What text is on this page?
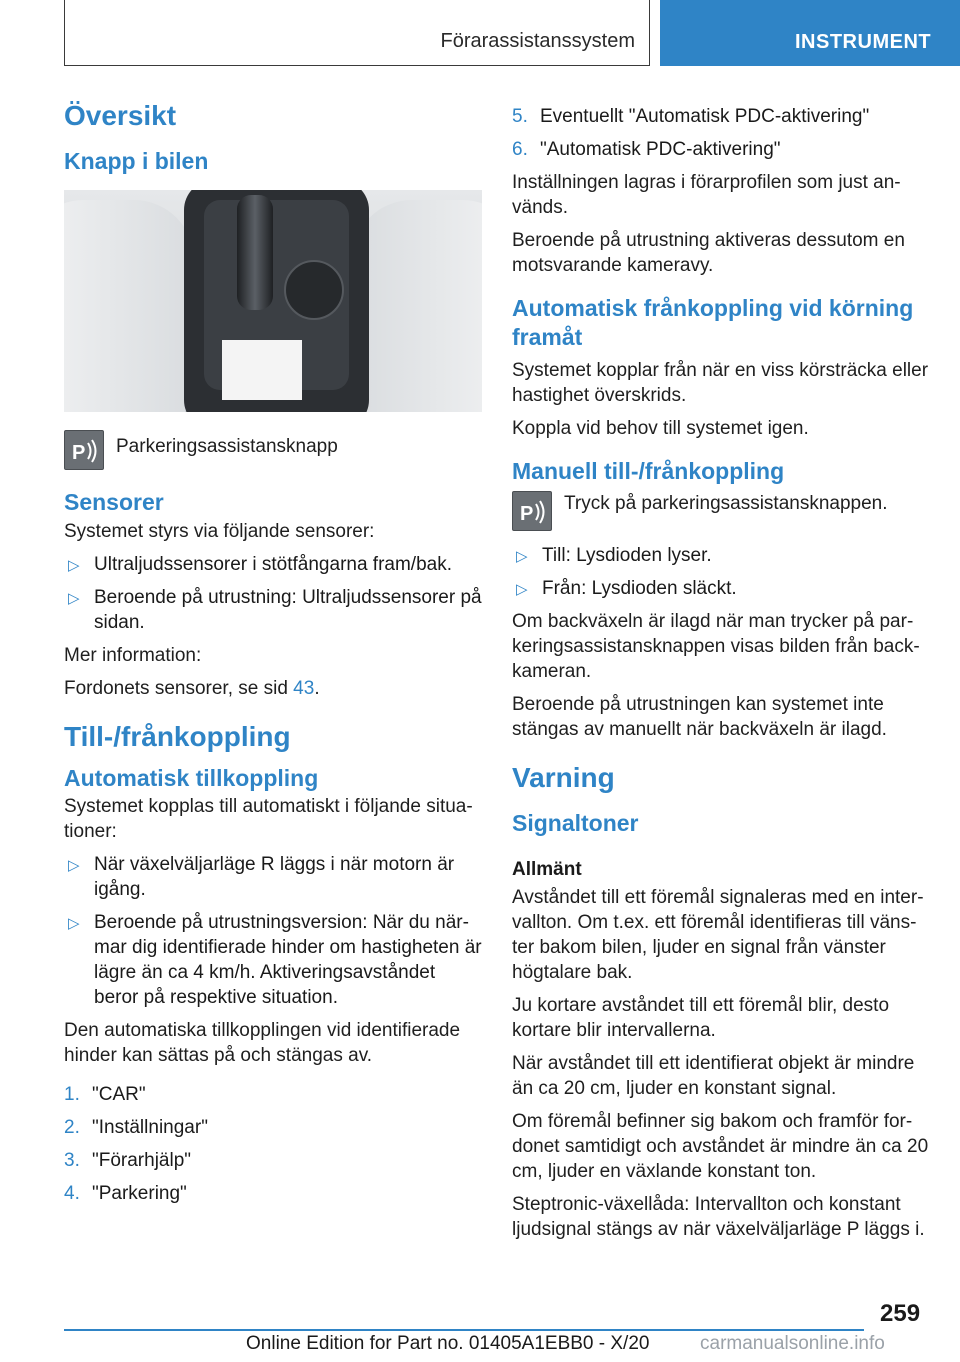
Förarassistanssystem	INSTRUMENT
Översikt
Knapp i bilen
P Parkeringsassistansknapp

Sensorer

Systemet styrs via följande sensorer:

▷ Ultraljudssensorer i stötfångarna fram/bak.
▷ Beroende på utrustning: Ultraljudssensorer på sidan.

Mer information:

Fordonets sensorer, se sid 43.

Till-/frånkoppling
Automatisk tillkoppling

Systemet kopplas till automatiskt i följande situa-tioner:

▷ När växelväljarläge R läggs i när motorn är igång.
▷ Beroende på utrustningsversion: När du när-mar dig identifierade hinder om hastigheten är lägre än ca 4 km/h. Aktiveringsavståndet beror på respektive situation.

Den automatiska tillkopplingen vid identifierade hinder kan sättas på och stängas av.

1. "CAR"
2. "Inställningar"
3. "Förarhjälp"
4. "Parkering"
5. Eventuellt "Automatisk PDC-aktivering"
6. "Automatisk PDC-aktivering"

Inställningen lagras i förarprofilen som just an-vänds.

Beroende på utrustning aktiveras dessutom en motsvarande kameravy.

Automatisk frånkoppling vid körning framåt

Systemet kopplar från när en viss körsträcka eller hastighet överskrids.

Koppla vid behov till systemet igen.

Manuell till-/frånkoppling
P Tryck på parkeringsassistansknappen.

▷ Till: Lysdioden lyser.
▷ Från: Lysdioden släckt.

Om backväxeln är ilagd när man trycker på par-keringsassistansknappen visas bilden från back-kameran.

Beroende på utrustningen kan systemet inte stängas av manuellt när backväxeln är ilagd.

Varning
Signaltoner
Allmänt

Avståndet till ett föremål signaleras med en inter-vallton. Om t.ex. ett föremål identifieras till väns-ter bakom bilen, ljuder en signal från vänster högtalare bak.

Ju kortare avståndet till ett föremål blir, desto kortare blir intervallerna.

När avståndet till ett identifierat objekt är mindre än ca 20 cm, ljuder en konstant signal.

Om föremål befinner sig bakom och framför for-donet samtidigt och avståndet är mindre än ca 20 cm, ljuder en växlande konstant ton.

Steptronic-växellåda: Intervallton och konstant ljudsignal stängs av när växelväljarläge P läggs i.

259
Online Edition for Part no. 01405A1EBB0 - X/20	carmanualsonline.info
